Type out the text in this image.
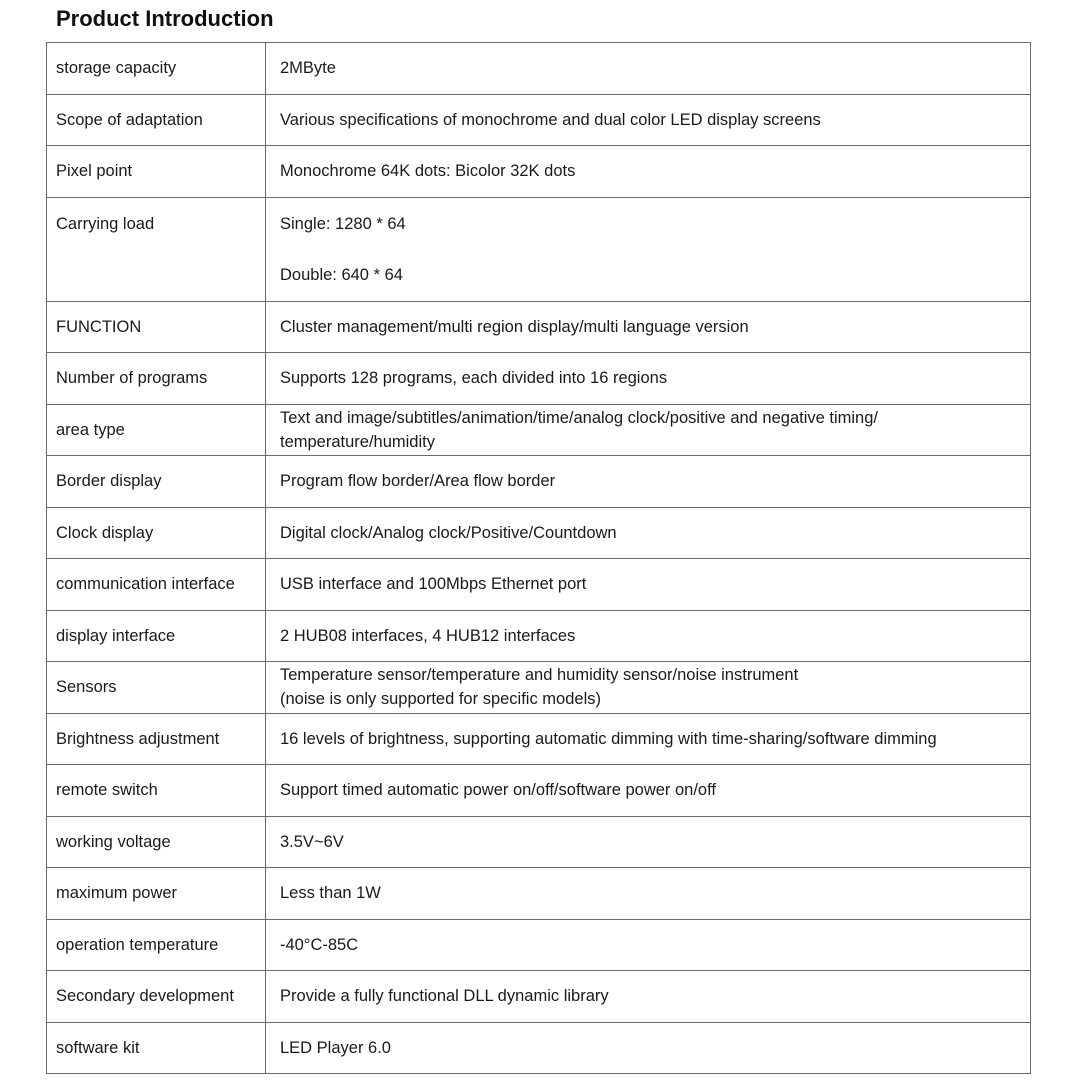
Product Introduction
storage capacity	2MByte
Scope of adaptation	Various specifications of monochrome and dual color LED display screens
Pixel point	Monochrome 64K dots: Bicolor 32K dots
Carrying load	Single: 1280 * 64
Double: 640 * 64

FUNCTION	Cluster management/multi region display/multi language version
Number of programs	Supports 128 programs, each divided into 16 regions
area type	Text and image/subtitles/animation/time/analog clock/positive and negative timing/
temperature/humidity

Border display	Program flow border/Area flow border
Clock display	Digital clock/Analog clock/Positive/Countdown
communication interface	USB interface and 100Mbps Ethernet port
display interface	2 HUB08 interfaces, 4 HUB12 interfaces
Sensors	Temperature sensor/temperature and humidity sensor/noise instrument
(noise is only supported for specific models)

Brightness adjustment	16 levels of brightness, supporting automatic dimming with time-sharing/software dimming
remote switch	Support timed automatic power on/off/software power on/off
working voltage	3.5V~6V
maximum power	Less than 1W
operation temperature	-40°C-85C
Secondary development	Provide a fully functional DLL dynamic library
software kit	LED Player 6.0
